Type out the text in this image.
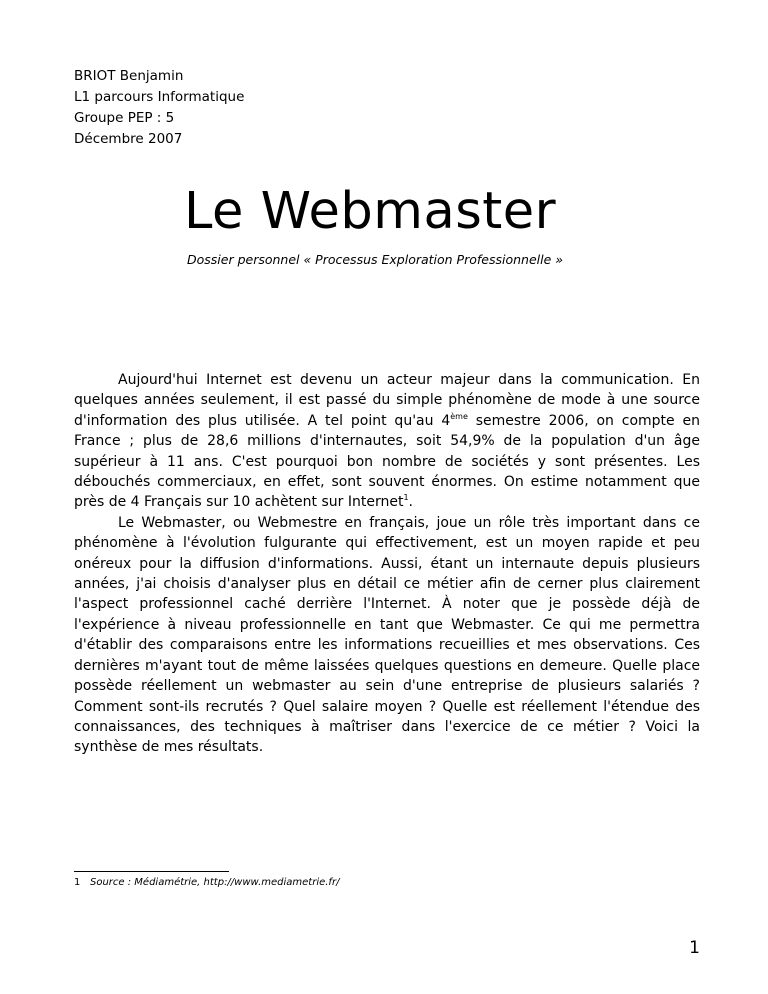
BRIOT Benjamin
L1 parcours Informatique
Groupe PEP : 5
Décembre 2007
Le Webmaster
Dossier personnel « Processus Exploration Professionnelle »

Aujourd'hui Internet est devenu un acteur majeur dans la communication. En quelques années seulement, il est passé du simple phénomène de mode à une source d'information des plus utilisée. A tel point qu'au 4ème semestre 2006, on compte en France ; plus de 28,6 millions d'internautes, soit 54,9% de la population d'un âge supérieur à 11 ans. C'est pourquoi bon nombre de sociétés y sont présentes. Les débouchés commerciaux, en effet, sont souvent énormes. On estime notamment que près de 4 Français sur 10 achètent sur Internet$^1$.

Le Webmaster, ou Webmestre en français, joue un rôle très important dans ce phénomène à l'évolution fulgurante qui effectivement, est un moyen rapide et peu onéreux pour la diffusion d'informations. Aussi, étant un internaute depuis plusieurs années, j'ai choisis d'analyser plus en détail ce métier afin de cerner plus clairement l'aspect professionnel caché derrière l'Internet. À noter que je possède déjà de l'expérience à niveau professionnelle en tant que Webmaster. Ce qui me permettra d'établir des comparaisons entre les informations recueillies et mes observations. Ces dernières m'ayant tout de même laissées quelques questions en demeure. Quelle place possède réellement un webmaster au sein d'une entreprise de plusieurs salariés ? Comment sont-ils recrutés ? Quel salaire moyen ? Quelle est réellement l'étendue des connaissances, des techniques à maîtriser dans l'exercice de ce métier ? Voici la synthèse de mes résultats.

1 Source : Médiamétrie, http://www.mediametrie.fr/
1
